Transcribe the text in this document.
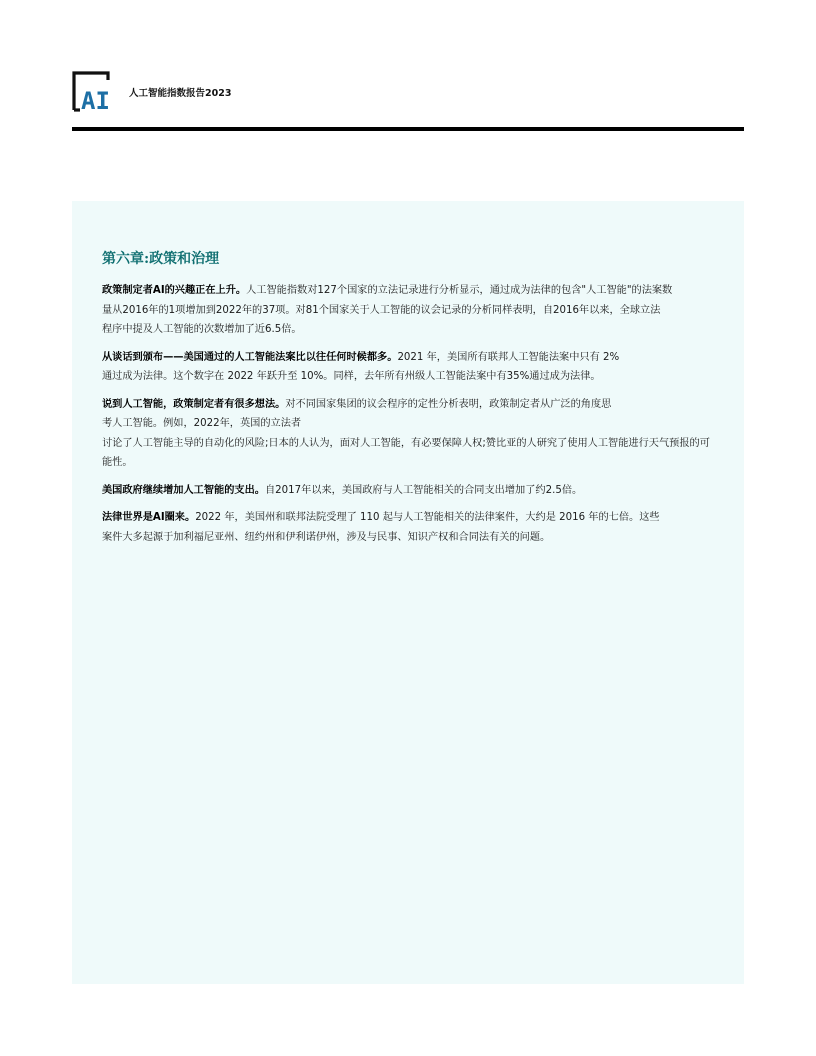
AI 人工智能指数报告2023
第六章:政策和治理
政策制定者AI的兴趣正在上升。人工智能指数对127个国家的立法记录进行分析显示，通过成为法律的包含"人工智能"的法案数
量从2016年的1项增加到2022年的37项。对81个国家关于人工智能的议会记录的分析同样表明，自2016年以来，全球立法
程序中提及人工智能的次数增加了近6.5倍。
从谈话到颁布——美国通过的人工智能法案比以往任何时候都多。2021 年，美国所有联邦人工智能法案中只有 2%
通过成为法律。这个数字在 2022 年跃升至 10%。同样，去年所有州级人工智能法案中有35%通过成为法律。
说到人工智能，政策制定者有很多想法。对不同国家集团的议会程序的定性分析表明，政策制定者从广泛的角度思
考人工智能。例如，2022年，英国的立法者
讨论了人工智能主导的自动化的风险;日本的人认为，面对人工智能，有必要保障人权;赞比亚的人研究了使用人工智能进行天气预报的可
能性。
美国政府继续增加人工智能的支出。自2017年以来，美国政府与人工智能相关的合同支出增加了约2.5倍。
法律世界是AI圈来。2022 年，美国州和联邦法院受理了 110 起与人工智能相关的法律案件，大约是 2016 年的七倍。这些
案件大多起源于加利福尼亚州、纽约州和伊利诺伊州，涉及与民事、知识产权和合同法有关的问题。
